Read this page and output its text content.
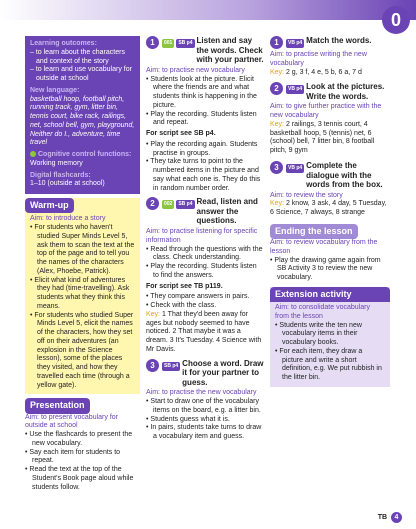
0
Learning outcomes:
– to learn about the characters and context of the story
– to learn and use vocabulary for outside at school
New language:
basketball hoop, football pitch, running track, gym, litter bin, tennis court, bike rack, railings, net, school bell, gym, playground, Neither do I., adventure, time travel
Cognitive control functions:
Working memory
Digital flashcards:
1–10 (outside at school)
Warm-up
Aim: to introduce a story
• For students who haven't studied Super Minds Level 5, ask them to scan the text at the top of the page and to tell you the names of the characters (Alex, Phoebe, Patrick).
• Elicit what kind of adventures they had (time-travelling). Ask students what they think this means.
• For students who studied Super Minds Level 5, elicit the names of the characters, how they set off on their adventures (an explosion in the Science lesson), some of the places they visited, and how they travelled each time (through a yellow gate).
Presentation
Aim: to present vocabulary for outside at school
• Use the flashcards to present the new vocabulary.
• Say each item for students to repeat.
• Read the text at the top of the Student's Book page aloud while students follow.
1	001	SB p4 Listen and say the words. Check with your partner.
Aim: to practise new vocabulary
• Students look at the picture. Elicit where the friends are and what students think is happening in the picture.
• Play the recording. Students listen and repeat.
For script see SB p4.
• Play the recording again. Students practise in groups.
• They take turns to point to the numbered items in the picture and say what each one is. They do this in random number order.
2	002	SB p4 Read, listen and answer the questions.
Aim: to practise listening for specific information
• Read through the questions with the class. Check understanding.
• Play the recording. Students listen to find the answers.
For script see TB p119.
• They compare answers in pairs.
• Check with the class.
Key: 1 That they'd been away for ages but nobody seemed to have noticed. 2 That maybe it was a dream. 3 It's Tuesday. 4 Science with Mr Davis.
3	SB p4 Choose a word. Draw it for your partner to guess.
Aim: to practise the new vocabulary
• Start to draw one of the vocabulary items on the board, e.g. a litter bin.
• Students guess what it is.
• In pairs, students take turns to draw a vocabulary item and guess.
1	VB p4 Match the words.
Aim: to practise writing the new vocabulary
Key: 2 g, 3 f, 4 e, 5 b, 6 a, 7 d
2	VB p4 Look at the pictures. Write the words.
Aim: to give further practice with the new vocabulary
Key: 2 railings, 3 tennis court, 4 basketball hoop, 5 (tennis) net, 6 (school) bell, 7 litter bin, 8 football pitch, 9 gym
3	VB p4 Complete the dialogue with the words from the box.
Aim: to review the story
Key: 2 know, 3 ask, 4 day, 5 Tuesday, 6 Science, 7 always, 8 strange
Ending the lesson
Aim: to review vocabulary from the lesson
• Play the drawing game again from SB Activity 3 to review the new vocabulary.
Extension activity
Aim: to consolidate vocabulary from the lesson
• Students write the ten new vocabulary items in their vocabulary books.
• For each item, they draw a picture and write a short definition, e.g. We put rubbish in the litter bin.
TB 4
